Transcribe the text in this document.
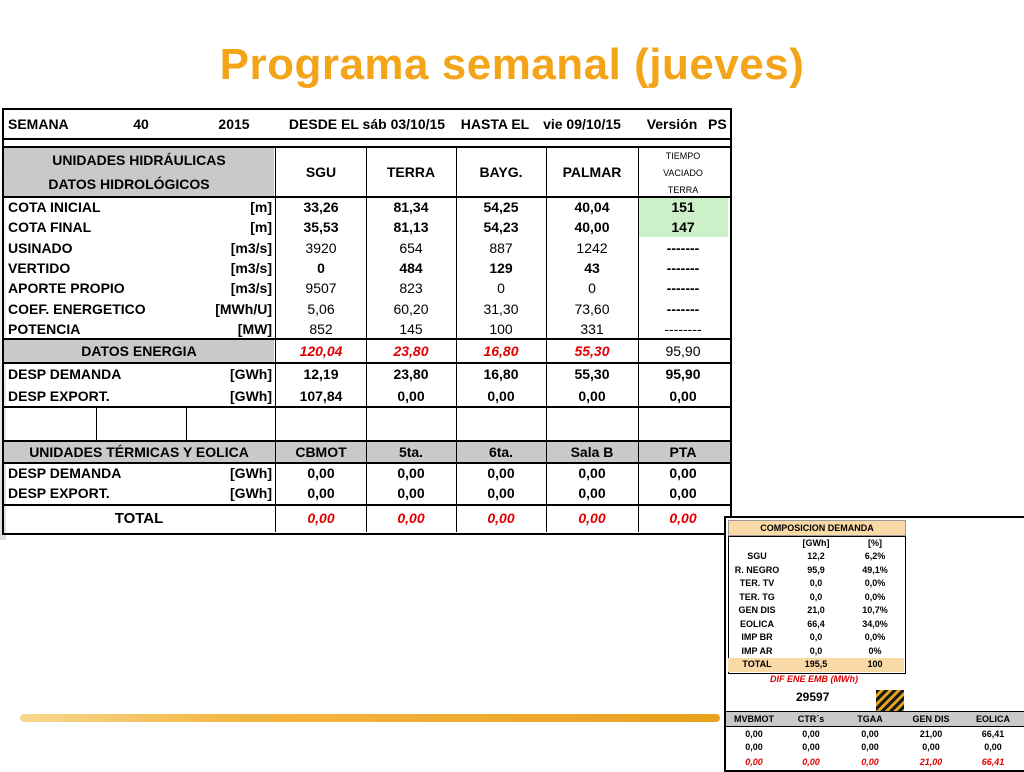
Programa semanal (jueves)
SEMANA	40	2015	DESDE EL sáb 03/10/15	HASTA EL vie 09/10/15	Versión PS
UNIDADES HIDRÁULICAS
DATOS HIDROLÓGICOS
SGU	TERRA	BAYG.	PALMAR
TIEMPO
VACIADO
TERRA
COTA INICIAL	[m]	33,26	81,34	54,25	40,04	151
COTA FINAL	[m]	35,53	81,13	54,23	40,00	147
USINADO	[m3/s]	3920	654	887	1242	-------
VERTIDO	[m3/s]	0	484	129	43	-------
APORTE PROPIO	[m3/s]	9507	823	0	0	-------
COEF. ENERGETICO	[MWh/U]	5,06	60,20	31,30	73,60	-------
POTENCIA	[MW]	852	145	100	331	--------
DATOS ENERGIA	120,04	23,80	16,80	55,30	95,90
DESP DEMANDA	[GWh]	12,19	23,80	16,80	55,30	95,90
DESP EXPORT.	[GWh]	107,84	0,00	0,00	0,00	0,00
UNIDADES TÉRMICAS Y EOLICA	CBMOT	5ta.	6ta.	Sala B	PTA
DESP DEMANDA	[GWh]	0,00	0,00	0,00	0,00	0,00
DESP EXPORT.	[GWh]	0,00	0,00	0,00	0,00	0,00
TOTAL	0,00	0,00	0,00	0,00	0,00
COMPOSICION DEMANDA
[GWh]	[%]
SGU	12,2	6,2%
R. NEGRO	95,9	49,1%
TER. TV	0,0	0,0%
TER. TG	0,0	0,0%
GEN DIS	21,0	10,7%
EOLICA	66,4	34,0%
IMP BR	0,0	0,0%
IMP AR	0,0	0%
TOTAL	195,5	100
DIF ENE EMB (MWh)
29597
MVBMOT	CTR´s	TGAA	GEN DIS	EOLICA
0,00	0,00	0,00	21,00	66,41
0,00	0,00	0,00	0,00	0,00
0,00	0,00	0,00	21,00	66,41
